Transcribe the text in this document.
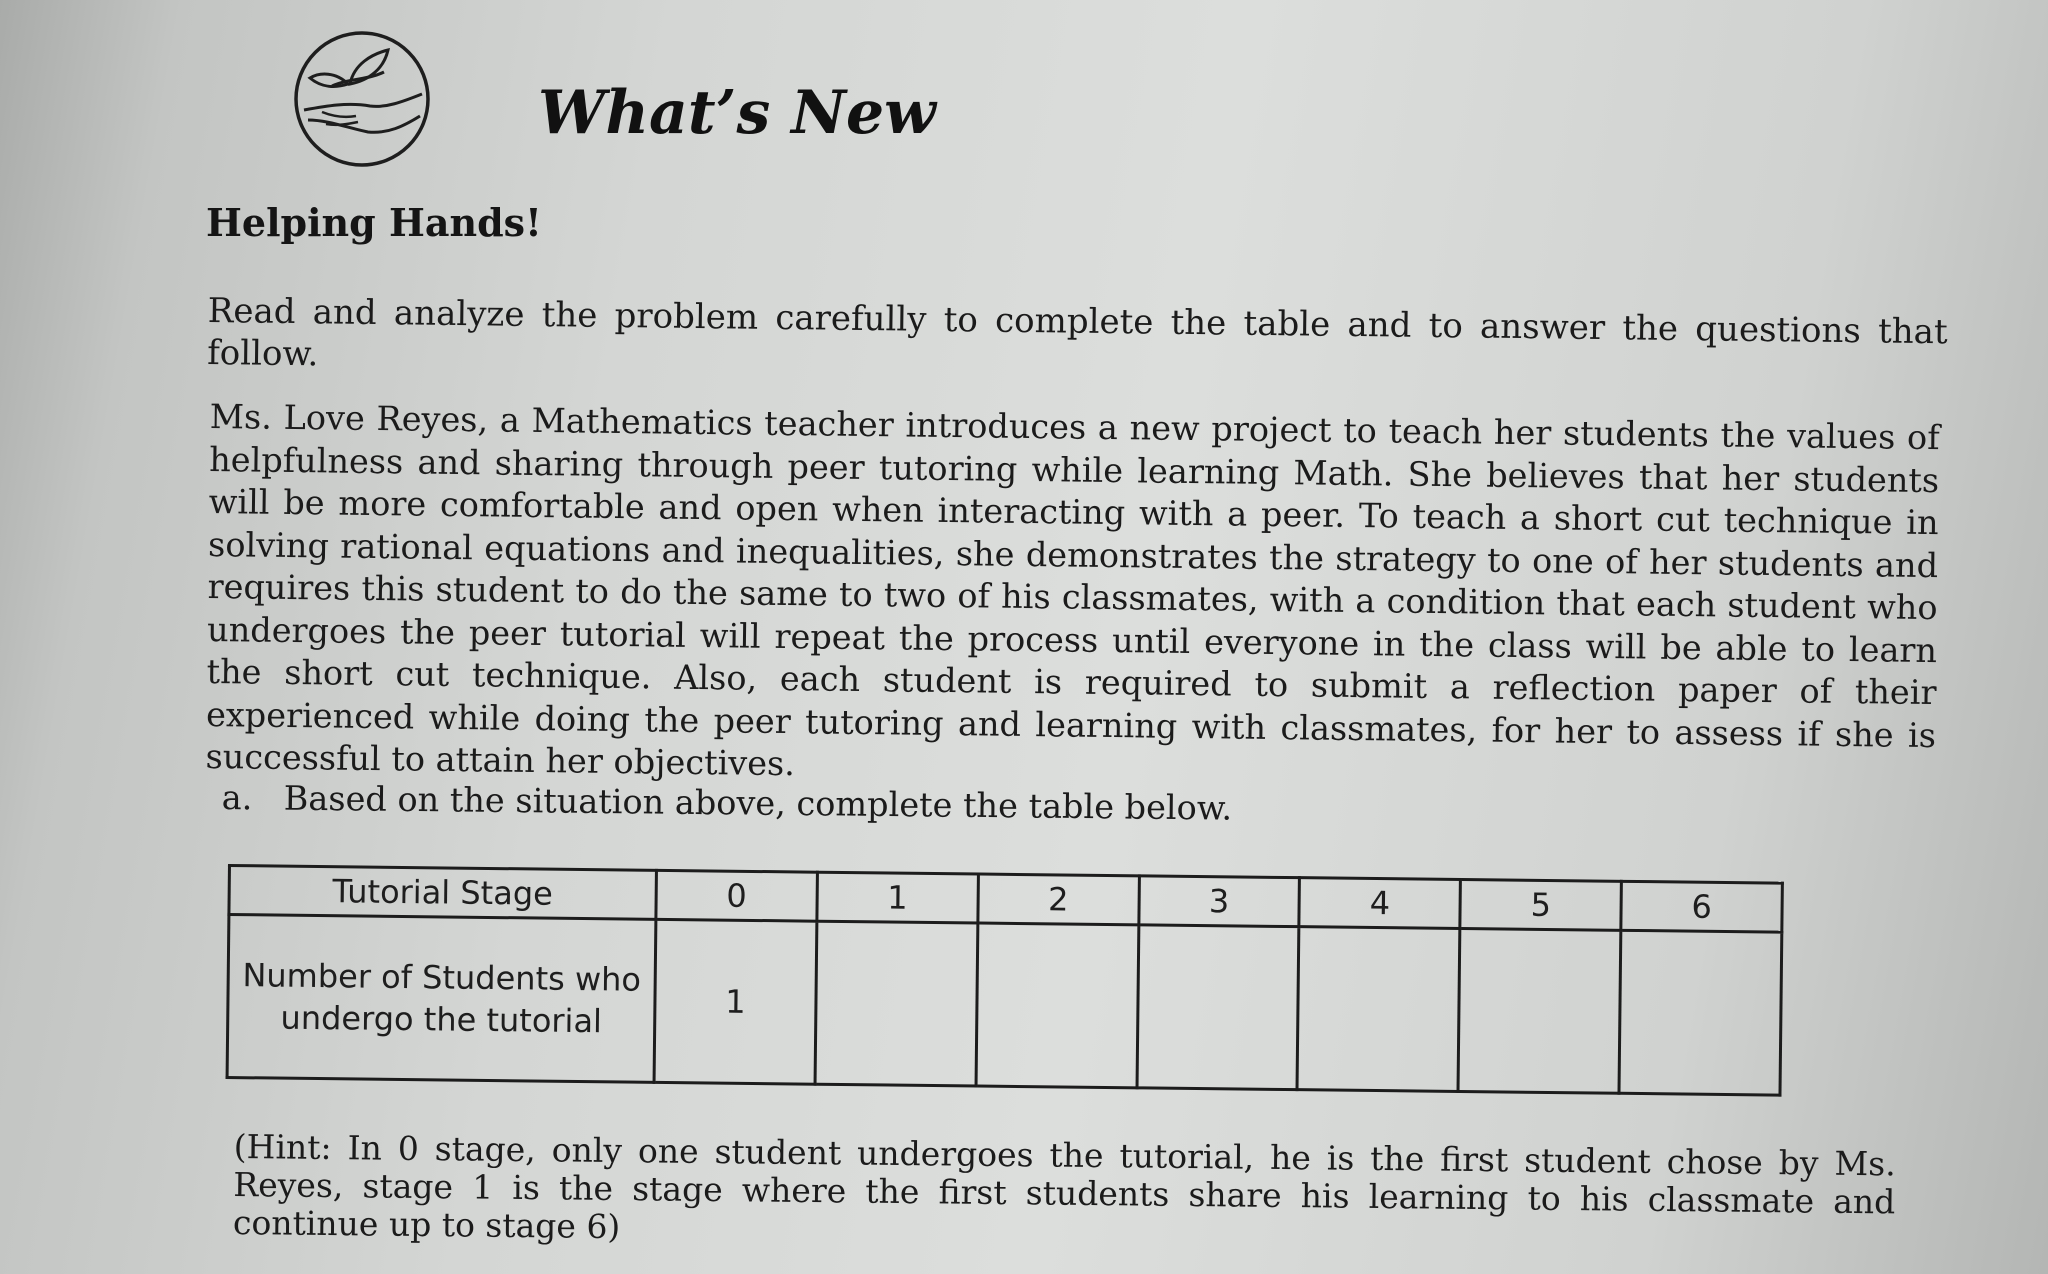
What’s New
Helping Hands!
Read and analyze the problem carefully to complete the table and to answer the questions that follow.
Ms. Love Reyes, a Mathematics teacher introduces a new project to teach her students the values of helpfulness and sharing through peer tutoring while learning Math. She believes that her students will be more comfortable and open when interacting with a peer. To teach a short cut technique in solving rational equations and inequalities, she demonstrates the strategy to one of her students and requires this student to do the same to two of his classmates, with a condition that each student who undergoes the peer tutorial will repeat the process until everyone in the class will be able to learn the short cut technique. Also, each student is required to submit a reflection paper of their experienced while doing the peer tutoring and learning with classmates, for her to assess if she is successful to attain her objectives.
a. Based on the situation above, complete the table below.
Tutorial Stage	0	1	2	3	4	5	6
Number of Students who undergo the tutorial	1						
(Hint: In 0 stage, only one student undergoes the tutorial, he is the first student chose by Ms. Reyes, stage 1 is the stage where the first students share his learning to his classmate and continue up to stage 6)
